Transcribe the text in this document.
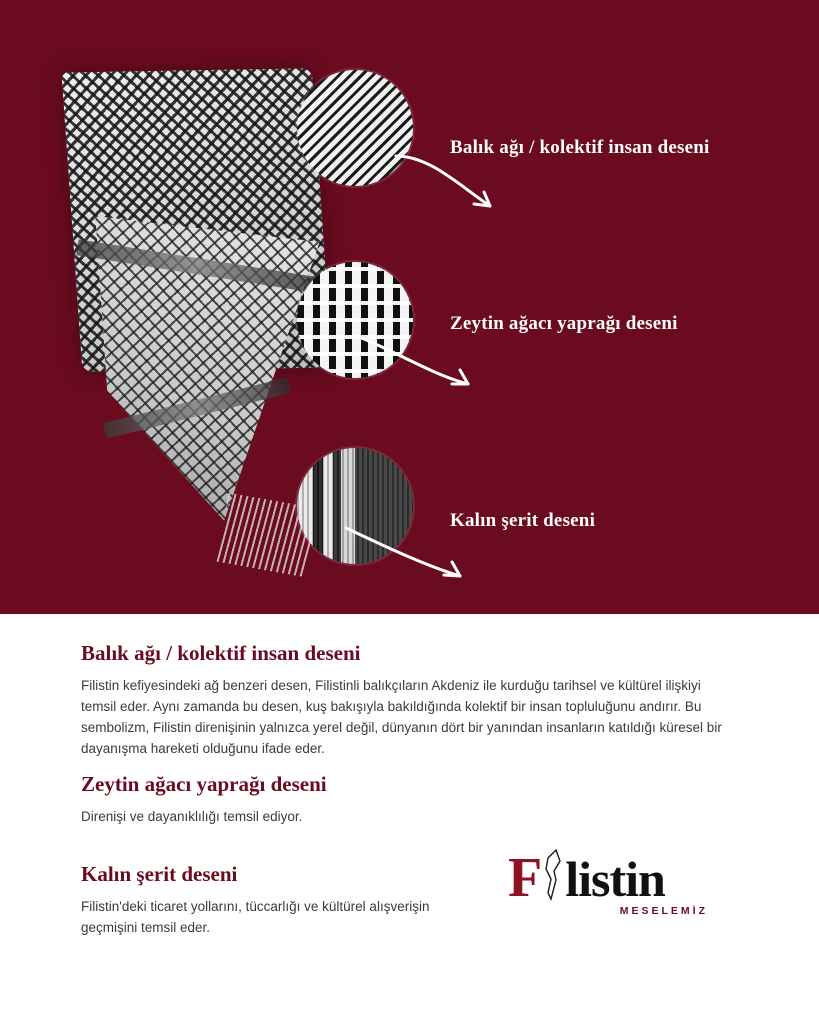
Balık ağı / kolektif insan deseni
Zeytin ağacı yaprağı deseni
Kalın şerit deseni
Balık ağı / kolektif insan deseni

Filistin kefiyesindeki ağ benzeri desen, Filistinli balıkçıların Akdeniz ile kurduğu tarihsel ve kültürel ilişkiyi temsil eder. Aynı zamanda bu desen, kuş bakışıyla bakıldığında kolektif bir insan topluluğunu andırır. Bu sembolizm, Filistin direnişinin yalnızca yerel değil, dünyanın dört bir yanından insanların katıldığı küresel bir dayanışma hareketi olduğunu ifade eder.

Zeytin ağacı yaprağı deseni

Direnişi ve dayanıklılığı temsil ediyor.

Kalın şerit deseni

Filistin'deki ticaret yollarını, tüccarlığı ve kültürel alışverişin geçmişini temsil eder.

F listin
MESELEMİZ
